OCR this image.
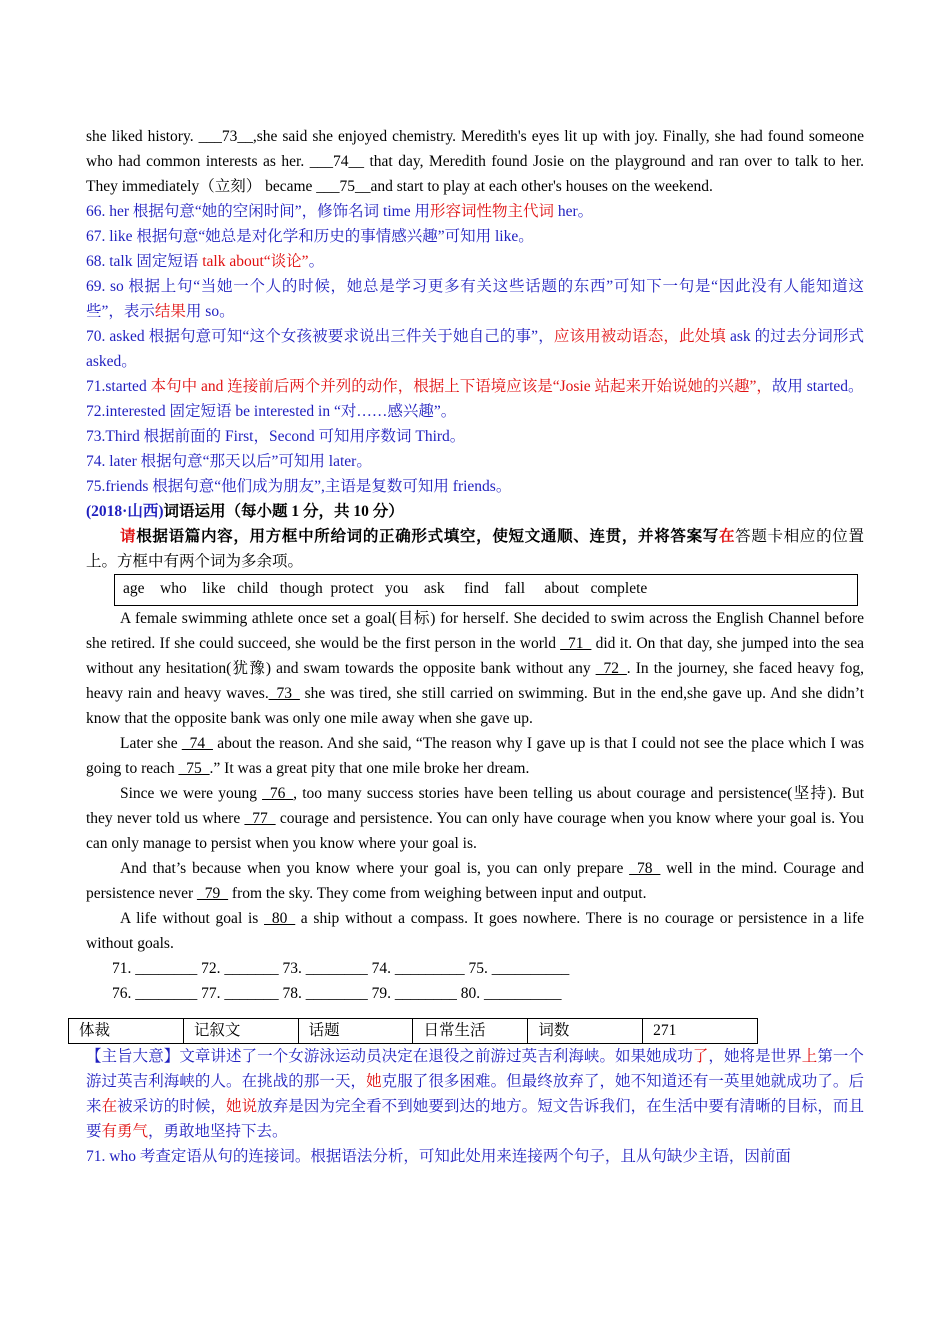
she liked history. ___73__,she said she enjoyed chemistry. Meredith's eyes lit up with joy. Finally, she had found someone who had common interests as her. ___74__ that day, Meredith found Josie on the playground and ran over to talk to her. They immediately（立刻） became ___75__and start to play at each other's houses on the weekend.

66. her 根据句意“她的空闲时间”，修饰名词 time 用形容词性物主代词 her。

67. like 根据句意“她总是对化学和历史的事情感兴趣”可知用 like。

68. talk 固定短语 talk about“谈论”。

69. so 根据上句“当她一个人的时候，她总是学习更多有关这些话题的东西”可知下一句是“因此没有人能知道这些”，表示结果用 so。

70. asked 根据句意可知“这个女孩被要求说出三件关于她自己的事”，应该用被动语态，此处填 ask 的过去分词形式 asked。

71.started 本句中 and 连接前后两个并列的动作，根据上下语境应该是“Josie 站起来开始说她的兴趣”，故用 started。

72.interested 固定短语 be interested in “对……感兴趣”。

73.Third 根据前面的 First，Second 可知用序数词 Third。

74. later 根据句意“那天以后”可知用 later。

75.friends 根据句意“他们成为朋友”,主语是复数可知用 friends。

(2018·山西)词语运用（每小题 1 分，共 10 分）

请根据语篇内容，用方框中所给词的正确形式填空，使短文通顺、连贯，并将答案写在答题卡相应的位置上。方框中有两个词为多余项。

age    who    like   child   though  protect   you    ask     find    fall     about   complete

A female swimming athlete once set a goal(目标) for herself. She decided to swim across the English Channel before she retired. If she could succeed, she would be the first person in the world _71_ did it. On that day, she jumped into the sea without any hesitation(犹豫) and swam towards the opposite bank without any _72_. In the journey, she faced heavy fog, heavy rain and heavy waves._73_ she was tired, she still carried on swimming. But in the end,she gave up. And she didn’t know that the opposite bank was only one mile away when she gave up.

Later she _74_ about the reason. And she said, “The reason why I gave up is that I could not see the place which I was going to reach _75_.” It was a great pity that one mile broke her dream.

Since we were young _76_, too many success stories have been telling us about courage and persistence(坚持). But they never told us where _77_ courage and persistence. You can only have courage when you know where your goal is. You can only manage to persist when you know where your goal is.

And that’s because when you know where your goal is, you can only prepare _78_ well in the mind. Courage and persistence never _79_ from the sky. They come from weighing between input and output.

A life without goal is _80_ a ship without a compass. It goes nowhere. There is no courage or persistence in a life without goals.

71. ________ 72. _______ 73. ________ 74. _________ 75. __________

76. ________ 77. _______ 78. ________ 79. ________ 80. __________

体裁	记叙文	话题	日常生活	词数	271

【主旨大意】文章讲述了一个女游泳运动员决定在退役之前游过英吉利海峡。如果她成功了，她将是世界上第一个游过英吉利海峡的人。在挑战的那一天，她克服了很多困难。但最终放弃了，她不知道还有一英里她就成功了。后来在被采访的时候，她说放弃是因为完全看不到她要到达的地方。短文告诉我们，在生活中要有清晰的目标，而且要有勇气，勇敢地坚持下去。

71. who 考查定语从句的连接词。根据语法分析，可知此处用来连接两个句子，且从句缺少主语，因前面
